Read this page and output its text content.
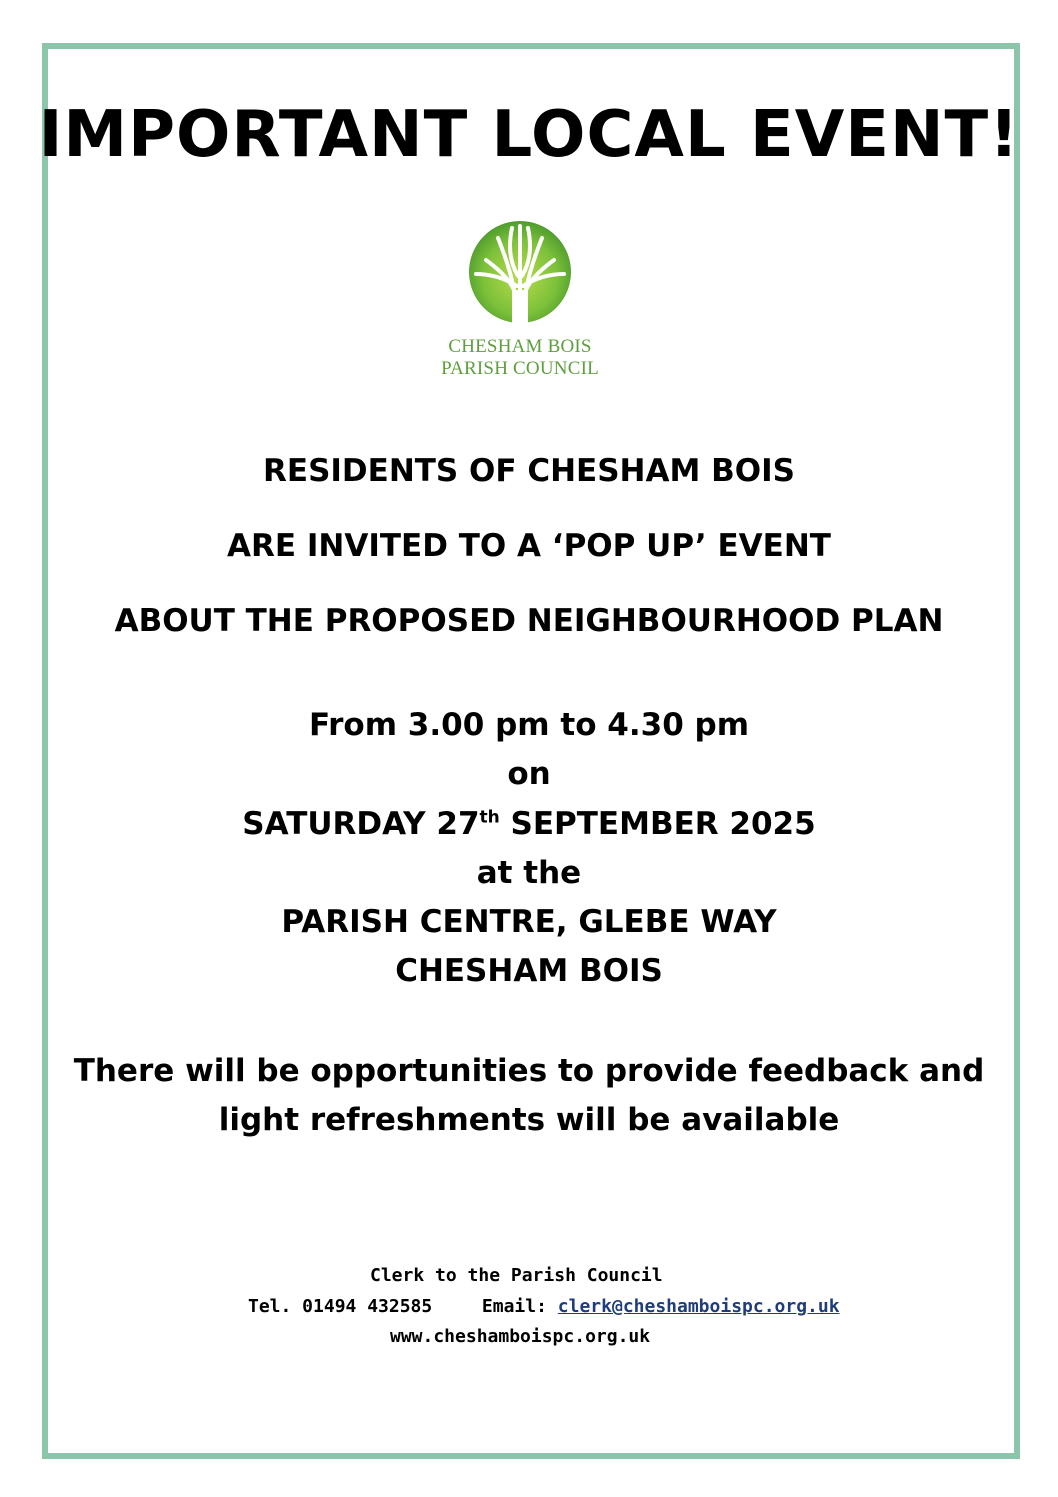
IMPORTANT LOCAL EVENT!
CHESHAM BOIS
PARISH COUNCIL

RESIDENTS OF CHESHAM BOIS

ARE INVITED TO A ‘POP UP’ EVENT

ABOUT THE PROPOSED NEIGHBOURHOOD PLAN

From 3.00 pm to 4.30 pm

on

SATURDAY 27th SEPTEMBER 2025

at the

PARISH CENTRE, GLEBE WAY

CHESHAM BOIS

There will be opportunities to provide feedback and

light refreshments will be available

Clerk to the Parish Council
Tel. 01494 432585	Email: clerk@cheshamboispc.org.uk
www.cheshamboispc.org.uk
